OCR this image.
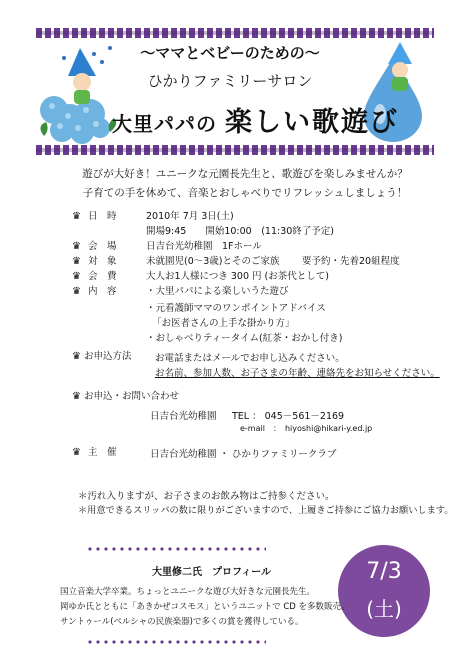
～ママとベビーのための～
ひかりファミリーサロン
大里パパの 楽しい歌遊び
遊びが大好き！ユニークな元園長先生と、歌遊びを楽しみませんか？
子育ての手を休めて、音楽とおしゃべりでリフレッシュしましょう！
♛ 日　時	2010年 7月 3日(土)
開場9:45　　開始10:00　(11:30終了予定)
♛ 会　場	日吉台光幼稚園　1Fホール
♛ 対　象	未就園児(0～3歳)とそのご家族 要予約・先着20組程度
♛ 会　費	大人お1人様につき 300 円 (お茶代として)
♛ 内　容	・大里パパによる楽しいうた遊び
・元看護師ママのワンポイントアドバイス
「お医者さんの上手な掛かり方」
・おしゃべりティータイム(紅茶・おかし付き)
♛ お申込方法 お電話またはメールでお申し込みください。
お名前、参加人数、お子さまの年齢、連絡先をお知らせください。
♛ お申込・お問い合わせ
日吉台光幼稚園 TEL ： 045－561－2169
e-mail　：　hiyoshi@hikari-y.ed.jp
♛ 主　催	日吉台光幼稚園 ・ ひかりファミリークラブ
＊汚れ入りますが、お子さまのお飲み物はご持参ください。
＊用意できるスリッパの数に限りがございますので、上履きご持参にご協力お願いします。
7/3
(土)
大里修二氏　プロフィール
国立音楽大学卒業。ちょっとユニークな遊び大好きな元園長先生。
岡ゆか氏とともに「あきかぜコスモス」というユニットで CD を多数販売。
サントゥール(ペルシャの民族楽器)で多くの賞を獲得している。
